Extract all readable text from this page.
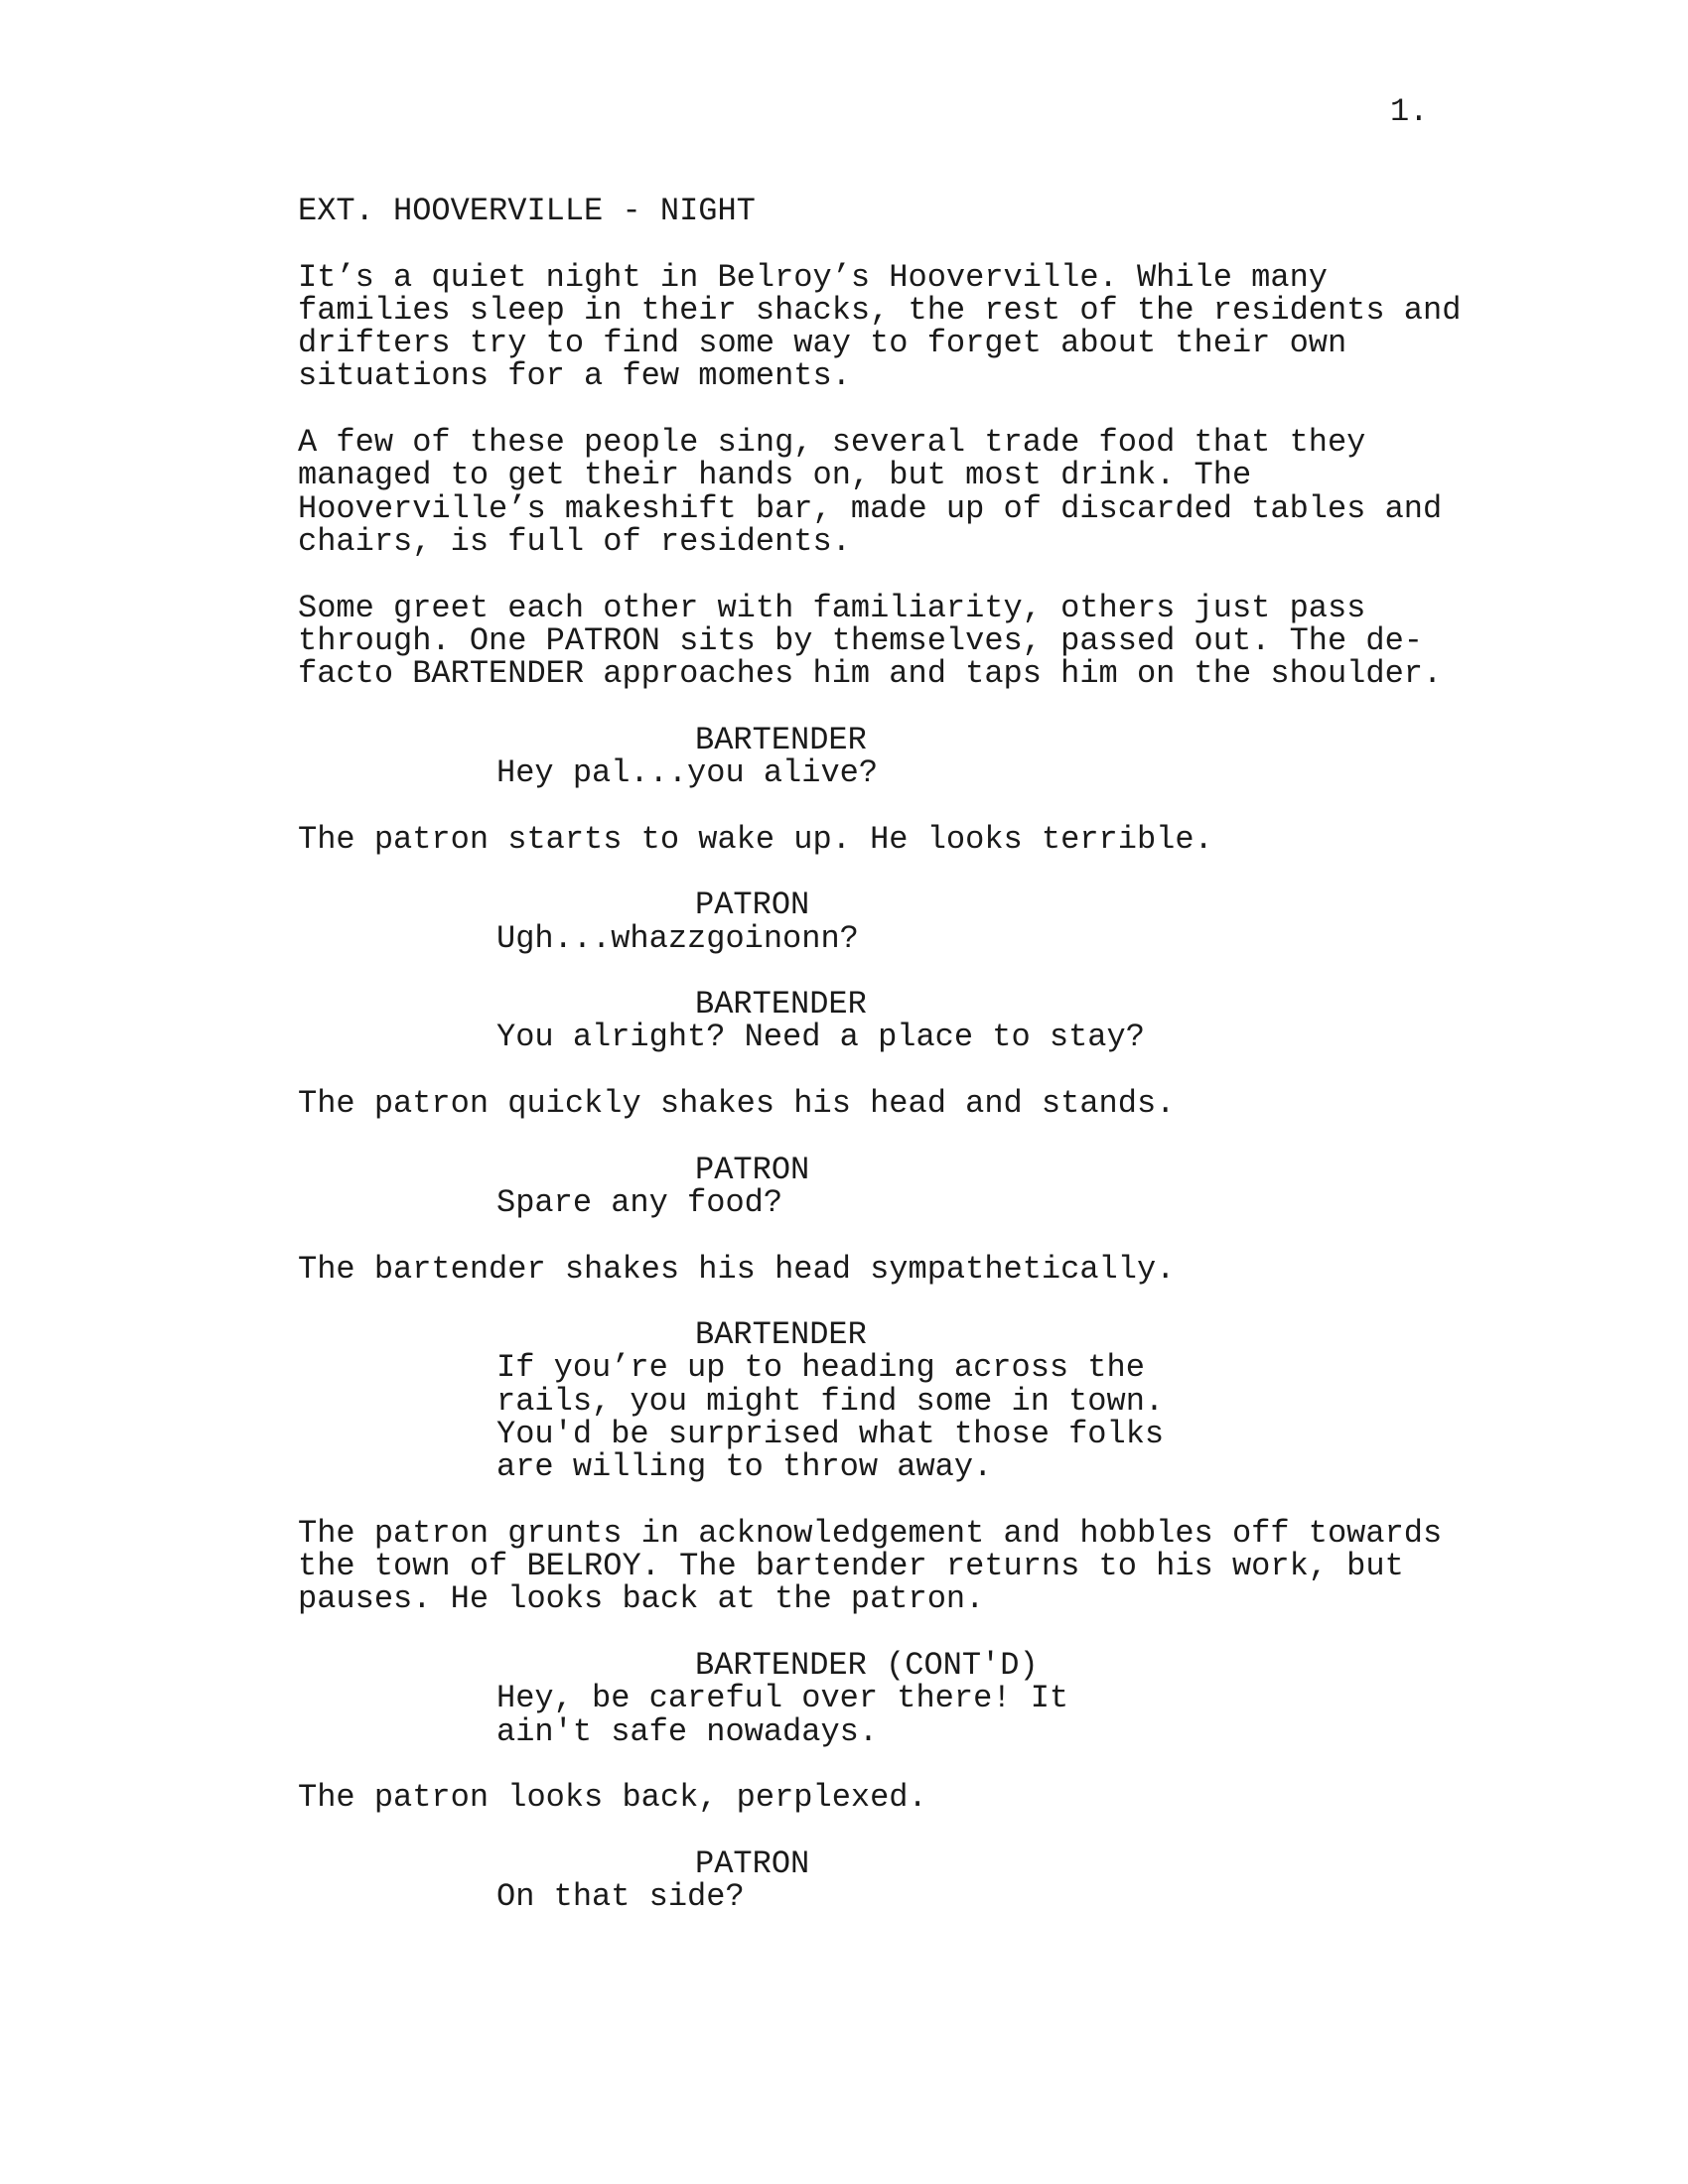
1.

EXT. HOOVERVILLE - NIGHT

It’s a quiet night in Belroy’s Hooverville. While many

families sleep in their shacks, the rest of the residents and

drifters try to find some way to forget about their own

situations for a few moments.

A few of these people sing, several trade food that they

managed to get their hands on, but most drink. The

Hooverville’s makeshift bar, made up of discarded tables and

chairs, is full of residents.

Some greet each other with familiarity, others just pass

through. One PATRON sits by themselves, passed out. The de-

facto BARTENDER approaches him and taps him on the shoulder.

BARTENDER

Hey pal...you alive?

The patron starts to wake up. He looks terrible.

PATRON

Ugh...whazzgoinonn?

BARTENDER

You alright? Need a place to stay?

The patron quickly shakes his head and stands.

PATRON

Spare any food?

The bartender shakes his head sympathetically.

BARTENDER

If you’re up to heading across the

rails, you might find some in town.

You'd be surprised what those folks

are willing to throw away.

The patron grunts in acknowledgement and hobbles off towards

the town of BELROY. The bartender returns to his work, but

pauses. He looks back at the patron.

BARTENDER (CONT'D)

Hey, be careful over there! It

ain't safe nowadays.

The patron looks back, perplexed.

PATRON

On that side?
